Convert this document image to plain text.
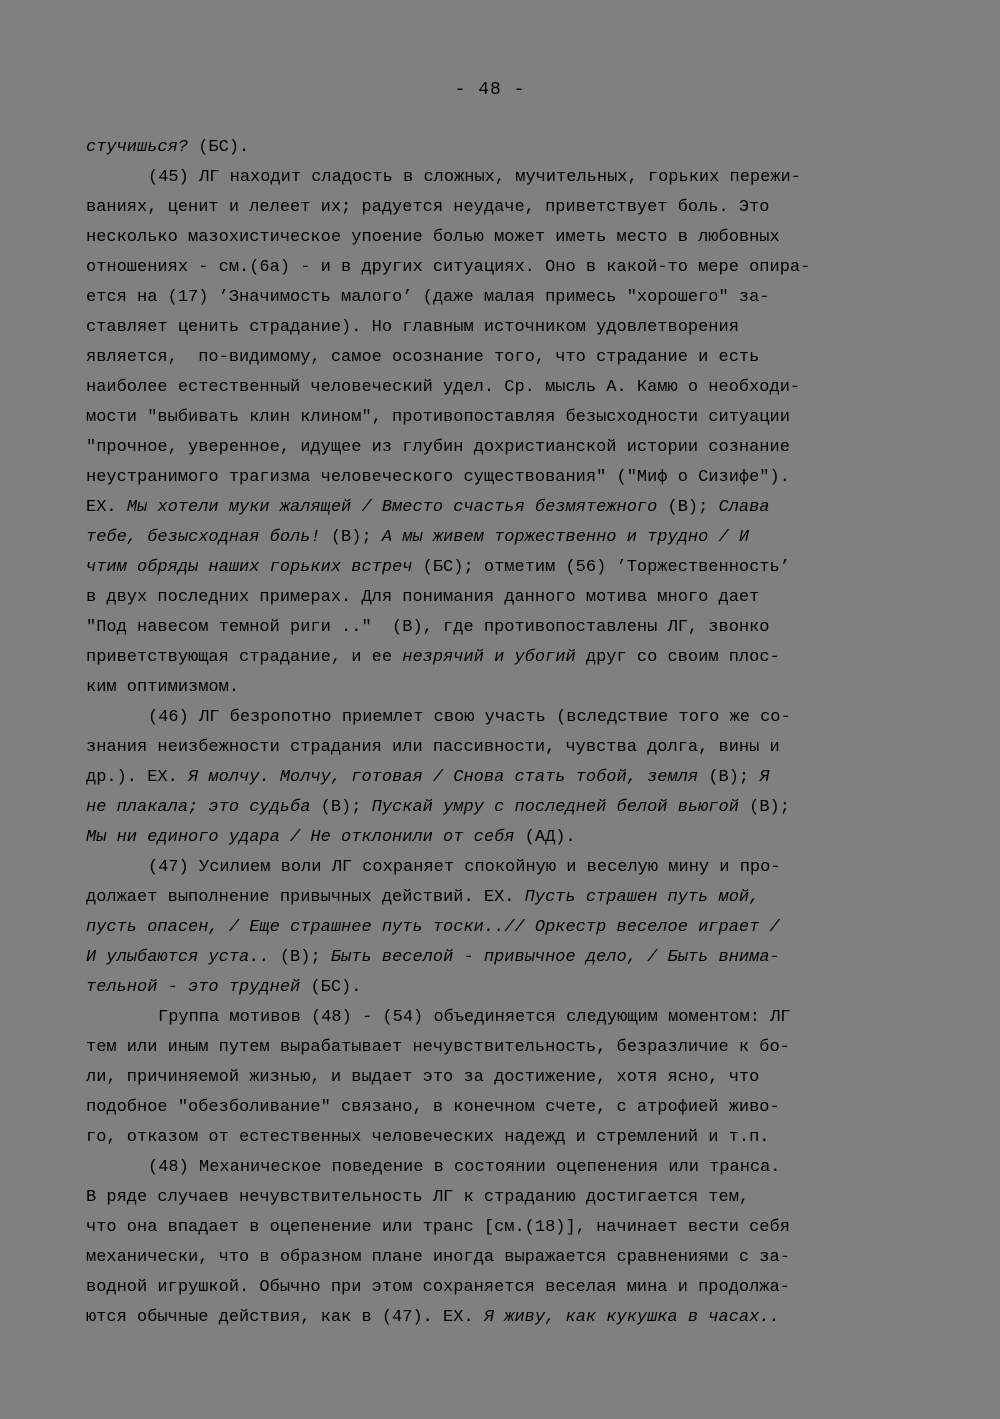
- 48 -
стучишься? (БС).
(45) ЛГ находит сладость в сложных, мучительных, горьких пережи-
ваниях, ценит и лелеет их; радуется неудаче, приветствует боль. Это
несколько мазохистическое упоение болью может иметь место в любовных
отношениях - см.(6а) - и в других ситуациях. Оно в какой-то мере опира-
ется на (17) ’Значимость малого’ (даже малая примесь "хорошего" за-
ставляет ценить страдание). Но главным источником удовлетворения
является,  по-видимому, самое осознание того, что страдание и есть
наиболее естественный человеческий удел. Ср. мысль А. Камю о необходи-
мости "выбивать клин клином", противопоставляя безысходности ситуации
"прочное, уверенное, идущее из глубин дохристианской истории сознание
неустранимого трагизма человеческого существования" ("Миф о Сизифе").
ЕХ. Мы хотели муки жалящей / Вместо счастья безмятежного (В); Слава
тебе, безысходная боль! (В); А мы живем торжественно и трудно / И
чтим обряды наших горьких встреч (БС); отметим (56) ’Торжественность’
в двух последних примерах. Для понимания данного мотива много дает
"Под навесом темной риги .."  (В), где противопоставлены ЛГ, звонко
приветствующая страдание, и ее незрячий и убогий друг со своим плос-
ким оптимизмом.
(46) ЛГ безропотно приемлет свою участь (вследствие того же со-
знания неизбежности страдания или пассивности, чувства долга, вины и
др.). ЕХ. Я молчу. Молчу, готовая / Снова стать тобой, земля (В); Я
не плакала; это судьба (В); Пускай умру с последней белой вьюгой (В);
Мы ни единого удара / Не отклонили от себя (АД).
(47) Усилием воли ЛГ сохраняет спокойную и веселую мину и про-
должает выполнение привычных действий. ЕХ. Пусть страшен путь мой,
пусть опасен, / Еще страшнее путь тоски..// Оркестр веселое играет /
И улыбаются уста.. (В); Быть веселой - привычное дело, / Быть внима-
тельной - это трудней (БС).
Группа мотивов (48) - (54) объединяется следующим моментом: ЛГ
тем или иным путем вырабатывает нечувствительность, безразличие к бо-
ли, причиняемой жизнью, и выдает это за достижение, хотя ясно, что
подобное "обезболивание" связано, в конечном счете, с атрофией живо-
го, отказом от естественных человеческих надежд и стремлений и т.п.
(48) Механическое поведение в состоянии оцепенения или транса.
В ряде случаев нечувствительность ЛГ к страданию достигается тем,
что она впадает в оцепенение или транс [см.(18)], начинает вести себя
механически, что в образном плане иногда выражается сравнениями с за-
водной игрушкой. Обычно при этом сохраняется веселая мина и продолжа-
ются обычные действия, как в (47). ЕХ. Я живу, как кукушка в часах..
